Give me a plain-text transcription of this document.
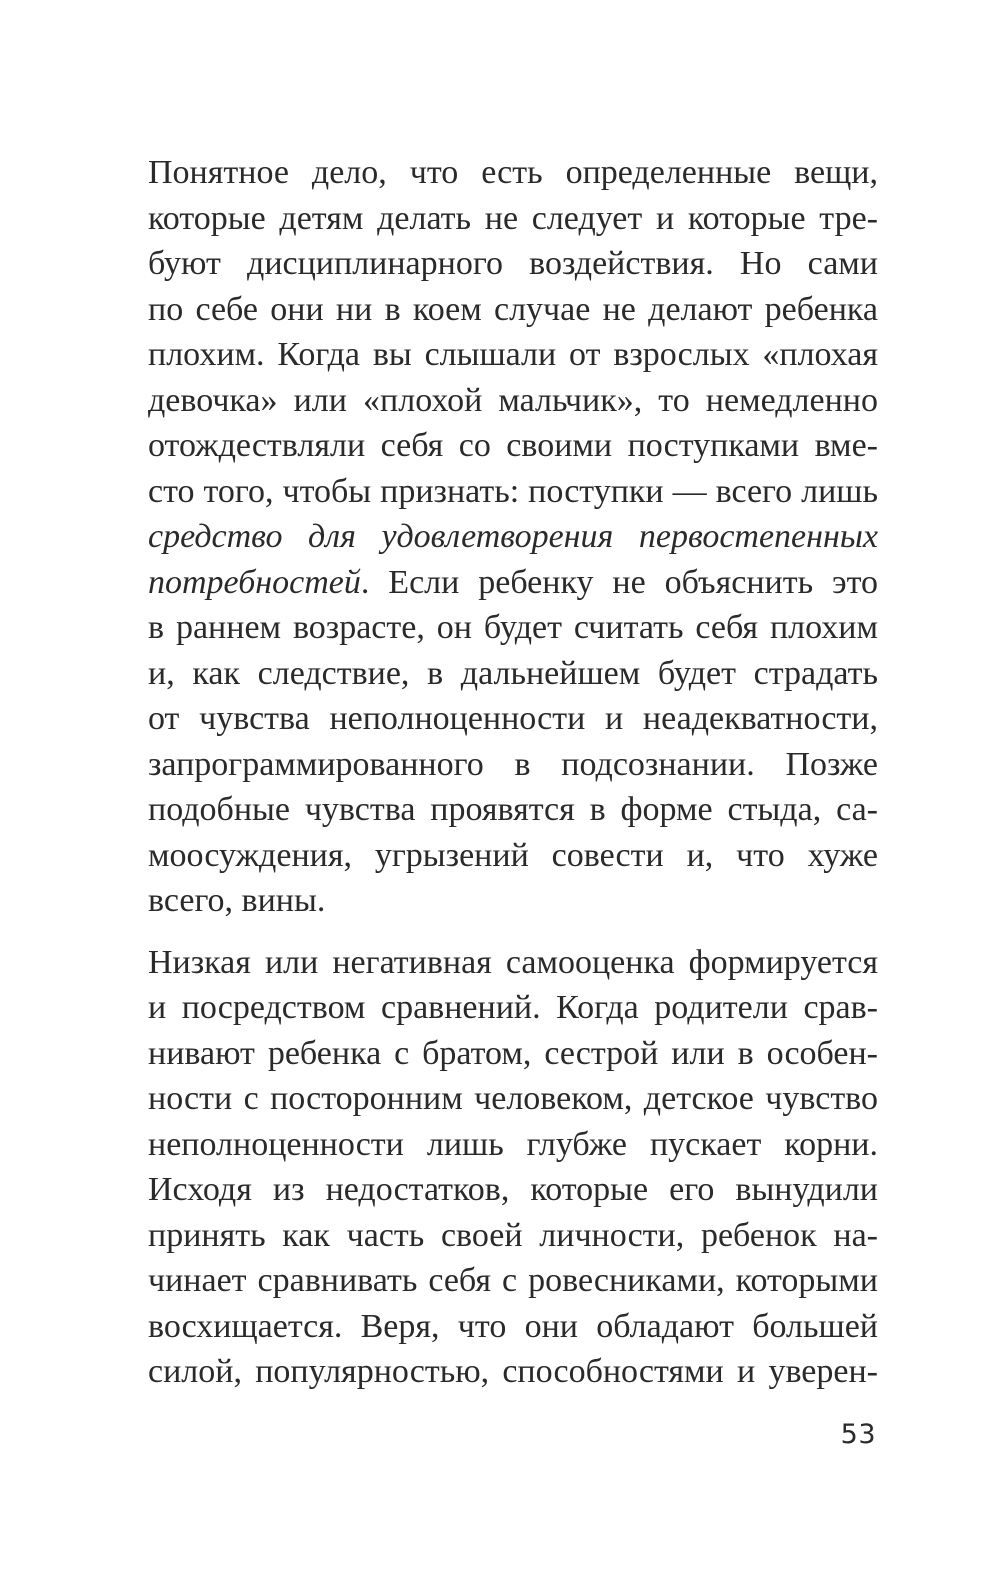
Понятное дело, что есть определенные вещи,
которые детям делать не следует и которые тре-
буют дисциплинарного воздействия. Но сами
по себе они ни в коем случае не делают ребенка
плохим. Когда вы слышали от взрослых «плохая
девочка» или «плохой мальчик», то немедленно
отождествляли себя со своими поступками вме-
сто того, чтобы признать: поступки — всего лишь
средство для удовлетворения первостепенных
потребностей. Если ребенку не объяснить это
в раннем возрасте, он будет считать себя плохим
и, как следствие, в дальнейшем будет страдать
от чувства неполноценности и неадекватности,
запрограммированного в подсознании. Позже
подобные чувства проявятся в форме стыда, са-
моосуждения, угрызений совести и, что хуже
всего, вины.
Низкая или негативная самооценка формируется
и посредством сравнений. Когда родители срав-
нивают ребенка с братом, сестрой или в особен-
ности с посторонним человеком, детское чувство
неполноценности лишь глубже пускает корни.
Исходя из недостатков, которые его вынудили
принять как часть своей личности, ребенок на-
чинает сравнивать себя с ровесниками, которыми
восхищается. Веря, что они обладают большей
силой, популярностью, способностями и уверен-
53
